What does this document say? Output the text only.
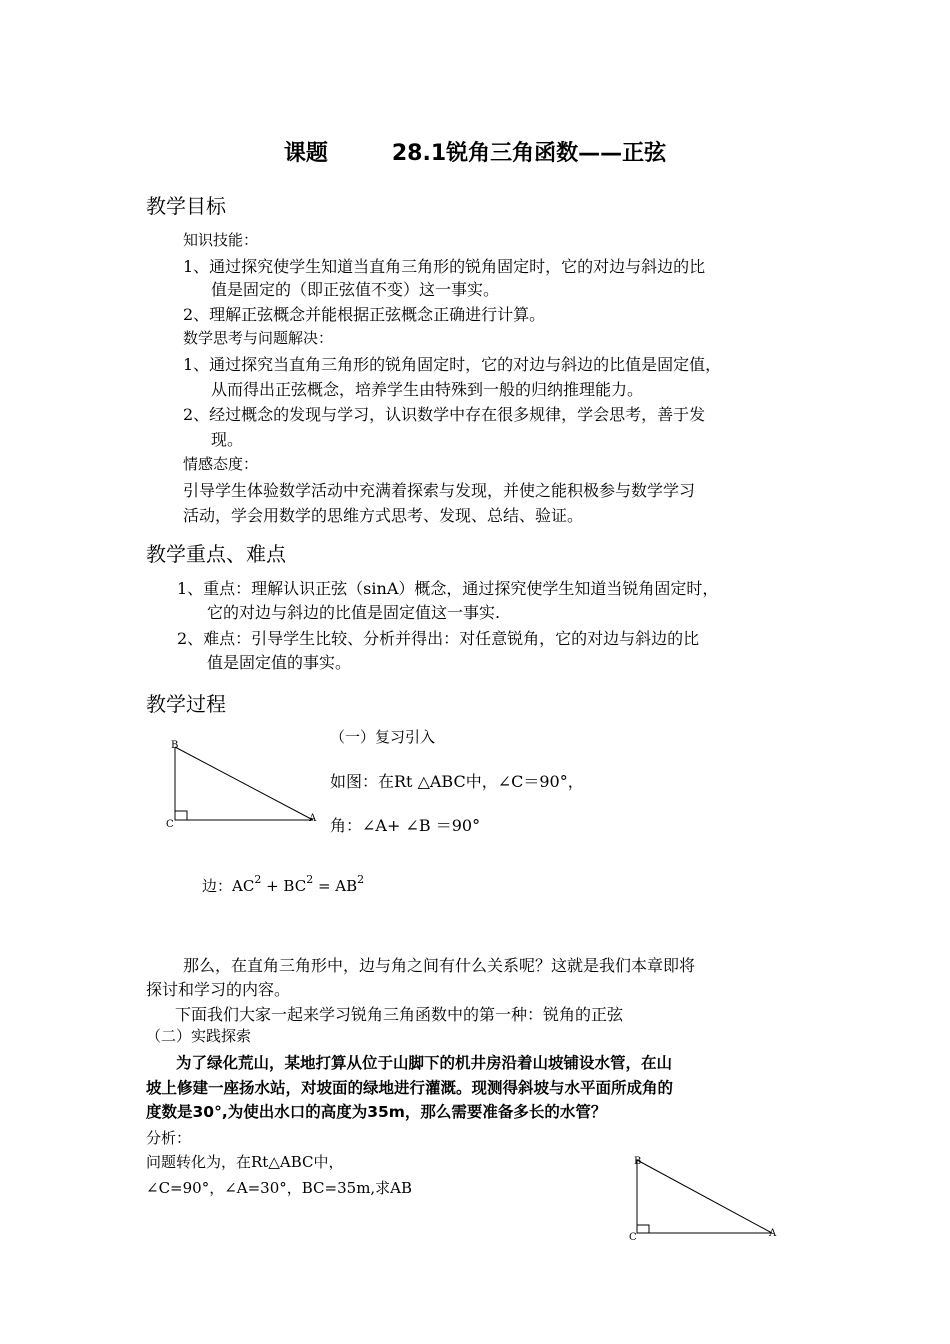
课题	28.1锐角三角函数——正弦
教学目标
知识技能：
1、通过探究使学生知道当直角三角形的锐角固定时，它的对边与斜边的比
值是固定的（即正弦值不变）这一事实。
2、理解正弦概念并能根据正弦概念正确进行计算。
数学思考与问题解决：
1、通过探究当直角三角形的锐角固定时，它的对边与斜边的比值是固定值，
从而得出正弦概念，培养学生由特殊到一般的归纳推理能力。
2、经过概念的发现与学习，认识数学中存在很多规律，学会思考，善于发
现。
情感态度：
引导学生体验数学活动中充满着探索与发现，并使之能积极参与数学学习
活动，学会用数学的思维方式思考、发现、总结、验证。
教学重点、难点
1、重点：理解认识正弦（sinA）概念，通过探究使学生知道当锐角固定时，
它的对边与斜边的比值是固定值这一事实.
2、难点：引导学生比较、分析并得出：对任意锐角，它的对边与斜边的比
值是固定值的事实。
教学过程
（一）复习引入
B
C
A
如图：在Rt △ABC中，∠C＝90°，
角：∠A+ ∠B ＝90°
边：$AC^2 + BC^2 = AB^2$
那么，在直角三角形中，边与角之间有什么关系呢？这就是我们本章即将
探讨和学习的内容。
下面我们大家一起来学习锐角三角函数中的第一种：锐角的正弦
（二）实践探索
为了绿化荒山，某地打算从位于山脚下的机井房沿着山坡铺设水管，在山
坡上修建一座扬水站，对坡面的绿地进行灌溉。现测得斜坡与水平面所成角的
度数是30°,为使出水口的高度为35m，那么需要准备多长的水管？
分析：
问题转化为，在Rt△ABC中，
∠C=90°，∠A=30°，BC=35m,求AB
B
C	A
